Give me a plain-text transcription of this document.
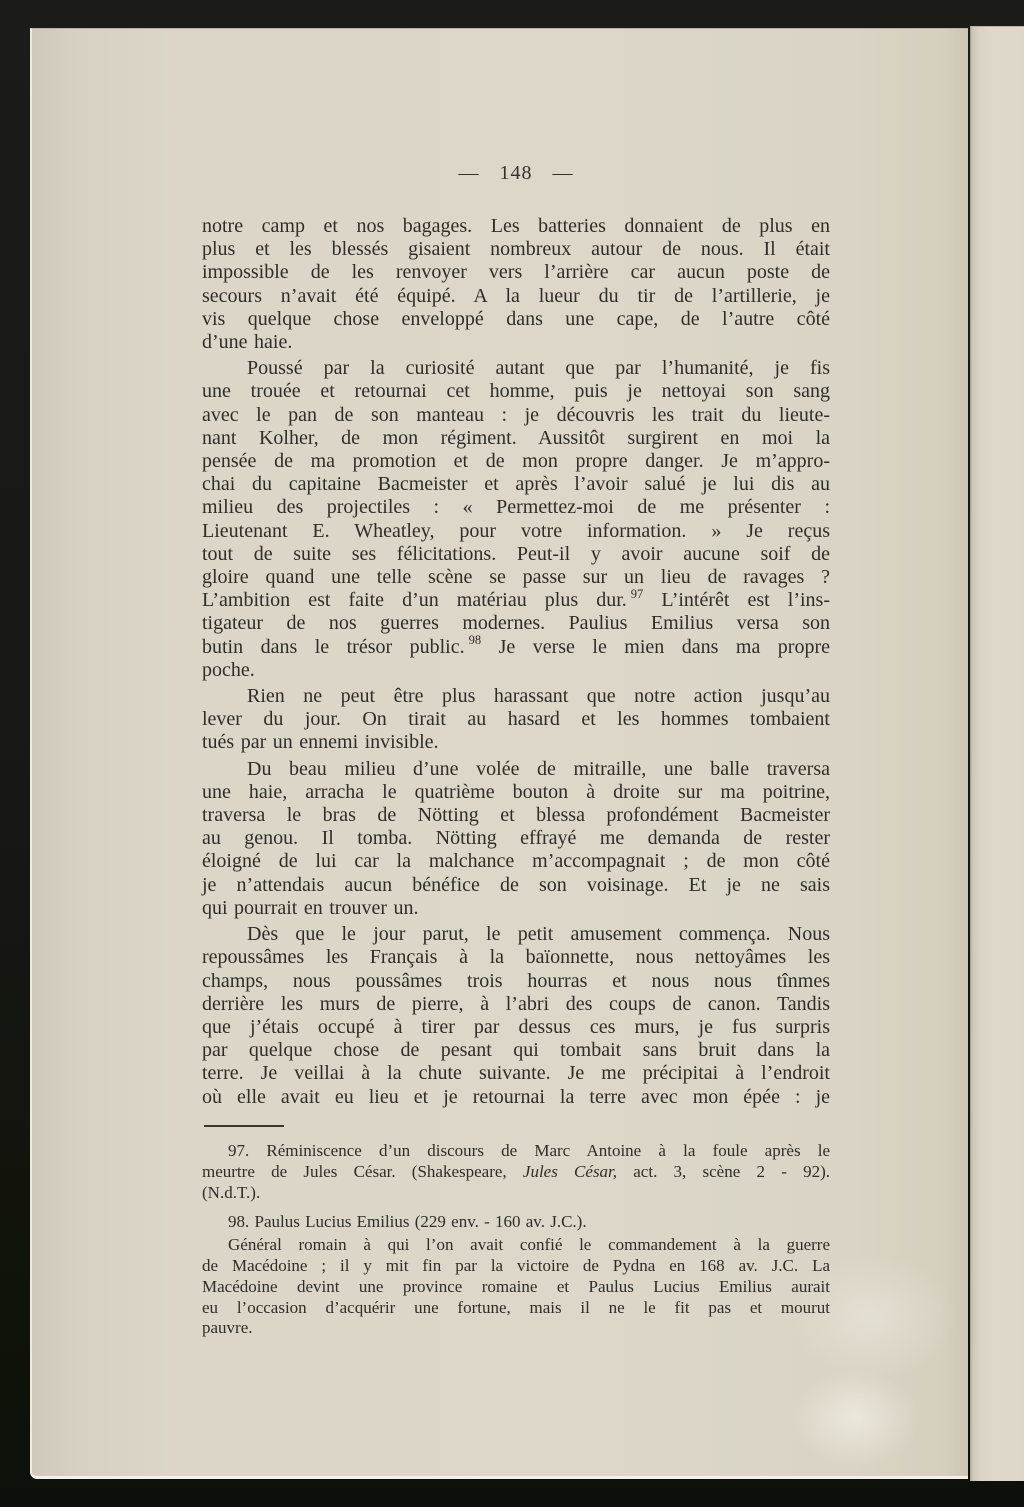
— 148 —
notre camp et nos bagages. Les batteries donnaient de plus en
plus et les blessés gisaient nombreux autour de nous. Il était
impossible de les renvoyer vers l’arrière car aucun poste de
secours n’avait été équipé. A la lueur du tir de l’artillerie, je
vis quelque chose enveloppé dans une cape, de l’autre côté
d’une haie.
Poussé par la curiosité autant que par l’humanité, je fis
une trouée et retournai cet homme, puis je nettoyai son sang
avec le pan de son manteau : je découvris les trait du lieute-
nant Kolher, de mon régiment. Aussitôt surgirent en moi la
pensée de ma promotion et de mon propre danger. Je m’appro-
chai du capitaine Bacmeister et après l’avoir salué je lui dis au
milieu des projectiles : « Permettez-moi de me présenter :
Lieutenant E. Wheatley, pour votre information. » Je reçus
tout de suite ses félicitations. Peut-il y avoir aucune soif de
gloire quand une telle scène se passe sur un lieu de ravages ?
L’ambition est faite d’un matériau plus dur. $^{97}$ L’intérêt est l’ins-
tigateur de nos guerres modernes. Paulius Emilius versa son
butin dans le trésor public. $^{98}$ Je verse le mien dans ma propre
poche.
Rien ne peut être plus harassant que notre action jusqu’au
lever du jour. On tirait au hasard et les hommes tombaient
tués par un ennemi invisible.
Du beau milieu d’une volée de mitraille, une balle traversa
une haie, arracha le quatrième bouton à droite sur ma poitrine,
traversa le bras de Nötting et blessa profondément Bacmeister
au genou. Il tomba. Nötting effrayé me demanda de rester
éloigné de lui car la malchance m’accompagnait ; de mon côté
je n’attendais aucun bénéfice de son voisinage. Et je ne sais
qui pourrait en trouver un.
Dès que le jour parut, le petit amusement commença. Nous
repoussâmes les Français à la baïonnette, nous nettoyâmes les
champs, nous poussâmes trois hourras et nous nous tînmes
derrière les murs de pierre, à l’abri des coups de canon. Tandis
que j’étais occupé à tirer par dessus ces murs, je fus surpris
par quelque chose de pesant qui tombait sans bruit dans la
terre. Je veillai à la chute suivante. Je me précipitai à l’endroit
où elle avait eu lieu et je retournai la terre avec mon épée : je
97. Réminiscence d’un discours de Marc Antoine à la foule après le
meurtre de Jules César. (Shakespeare, Jules César, act. 3, scène 2 - 92).
(N.d.T.).
98. Paulus Lucius Emilius (229 env. - 160 av. J.C.).
Général romain à qui l’on avait confié le commandement à la guerre
de Macédoine ; il y mit fin par la victoire de Pydna en 168 av. J.C. La
Macédoine devint une province romaine et Paulus Lucius Emilius aurait
eu l’occasion d’acquérir une fortune, mais il ne le fit pas et mourut
pauvre.
